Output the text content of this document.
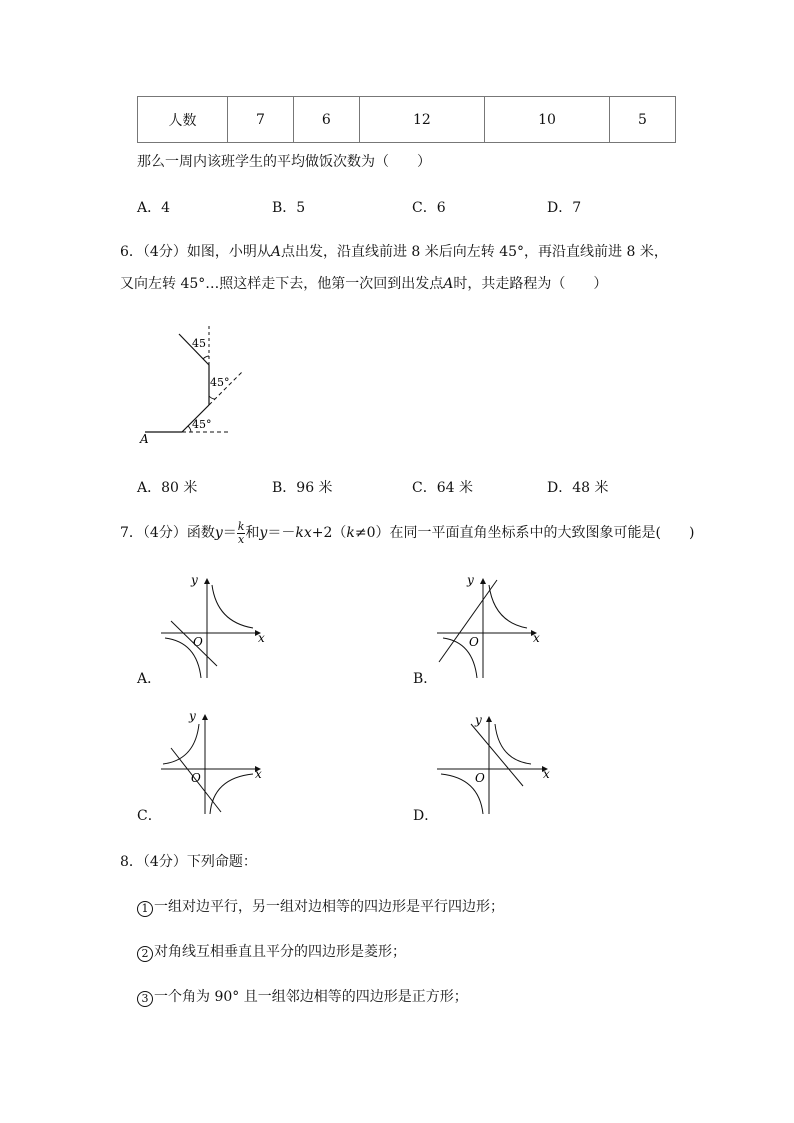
人数	7	6	12	10	5
那么一周内该班学生的平均做饭次数为（　　）
A．4	B．5	C．6	D．7
6．（4分）如图，小明从A点出发，沿直线前进 8 米后向左转 45°，再沿直线前进 8 米，
又向左转 45°…照这样走下去，他第一次回到出发点A时，共走路程为（　　）
45°
45°
45
A
A．80 米	B．96 米	C．64 米	D．48 米
7．（4分）函数$y= \frac{k}{x}$ 和y＝－kx+2（k≠0）在同一平面直角坐标系中的大致图象可能是(　　)
x
y
O
A．
x
y
O
B．
x
y
O
C．
x
y
O
D．
8．（4分）下列命题：
1 一组对边平行，另一组对边相等的四边形是平行四边形；
2 对角线互相垂直且平分的四边形是菱形；
3 一个角为 90° 且一组邻边相等的四边形是正方形；
